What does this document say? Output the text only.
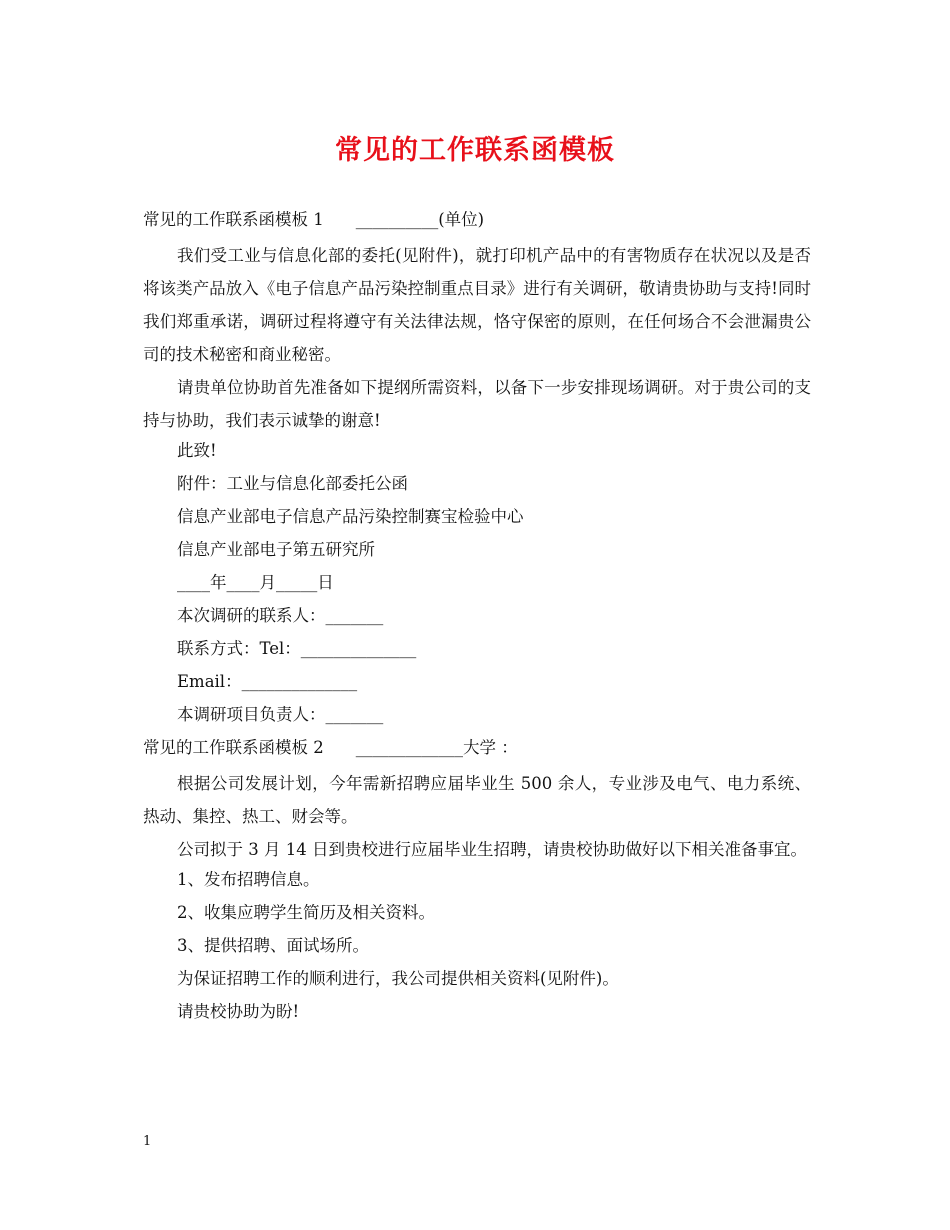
常见的工作联系函模板
常见的工作联系函模板 1 __________(单位)

我们受工业与信息化部的委托(见附件)，就打印机产品中的有害物质存在状况以及是否将该类产品放入《电子信息产品污染控制重点目录》进行有关调研，敬请贵协助与支持!同时我们郑重承诺，调研过程将遵守有关法律法规，恪守保密的原则，在任何场合不会泄漏贵公司的技术秘密和商业秘密。

请贵单位协助首先准备如下提纲所需资料，以备下一步安排现场调研。对于贵公司的支持与协助，我们表示诚挚的谢意!

此致!
附件：工业与信息化部委托公函
信息产业部电子信息产品污染控制赛宝检验中心
信息产业部电子第五研究所
____年____月_____日
本次调研的联系人：_______
联系方式：Tel：______________
Email：______________
本调研项目负责人：_______
常见的工作联系函模板 2 _____________大学 ：

根据公司发展计划，今年需新招聘应届毕业生 500 余人，专业涉及电气、电力系统、热动、集控、热工、财会等。

公司拟于 3 月 14 日到贵校进行应届毕业生招聘，请贵校协助做好以下相关准备事宜。

1、发布招聘信息。
2、收集应聘学生简历及相关资料。
3、提供招聘、面试场所。
为保证招聘工作的顺利进行，我公司提供相关资料(见附件)。
请贵校协助为盼!
1
